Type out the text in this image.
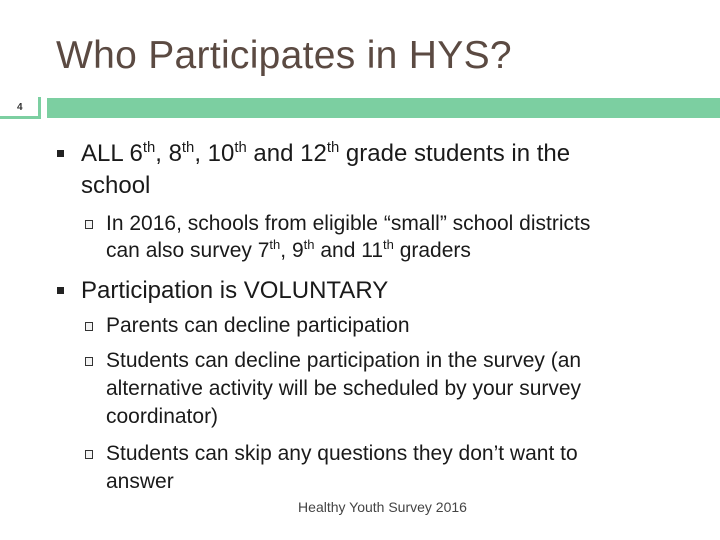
Who Participates in HYS?
4
ALL 6th, 8th, 10th and 12th grade students in the
school
In 2016, schools from eligible “small” school districts
can also survey 7th, 9th and 11th graders
Participation is VOLUNTARY
Parents can decline participation
Students can decline participation in the survey (an
alternative activity will be scheduled by your survey
coordinator)
Students can skip any questions they don’t want to
answer
Healthy Youth Survey 2016
